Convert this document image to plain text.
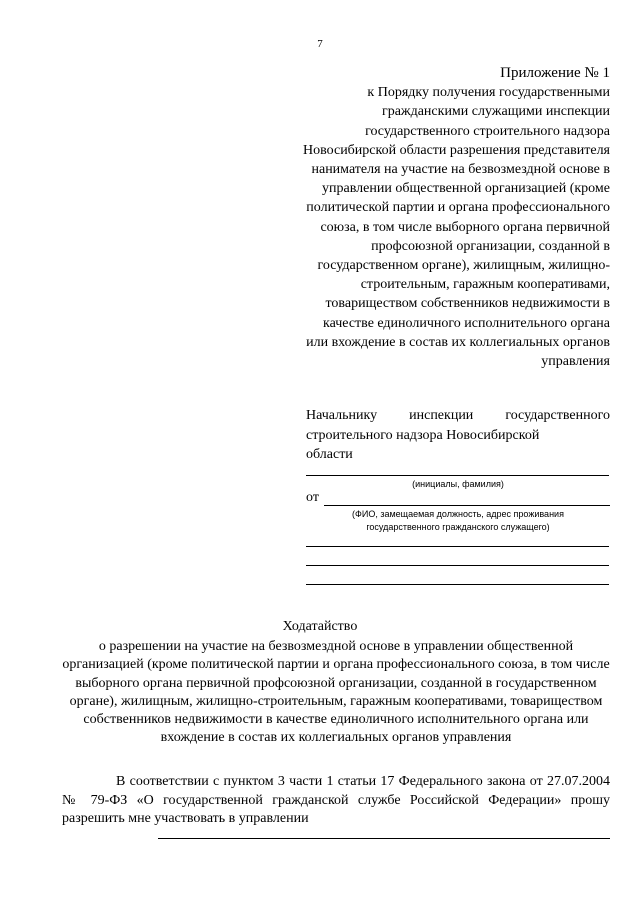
7
Приложение № 1
к Порядку получения государственными гражданскими служащими инспекции государственного строительного надзора Новосибирской области разрешения представителя нанимателя на участие на безвозмездной основе в управлении общественной организацией (кроме политической партии и органа профессионального союза, в том числе выборного органа первичной профсоюзной организации, созданной в государственном органе), жилищным, жилищно-строительным, гаражным кооперативами, товариществом собственников недвижимости в качестве единоличного исполнительного органа или вхождение в состав их коллегиальных органов управления
Начальнику инспекции государственного строительного надзора Новосибирской
области
(инициалы, фамилия)
от
(ФИО, замещаемая должность, адрес проживания государственного гражданского служащего)
Ходатайство
о разрешении на участие на безвозмездной основе в управлении общественной организацией (кроме политической партии и органа профессионального союза, в том числе выборного органа первичной профсоюзной организации, созданной в государственном органе), жилищным, жилищно-строительным, гаражным кооперативами, товариществом собственников недвижимости в качестве единоличного исполнительного органа или вхождение в состав их коллегиальных органов управления
В соответствии с пунктом 3 части 1 статьи 17 Федерального закона от 27.07.2004 № 79-ФЗ «О государственной гражданской службе Российской Федерации» прошу разрешить мне участвовать в управлении
